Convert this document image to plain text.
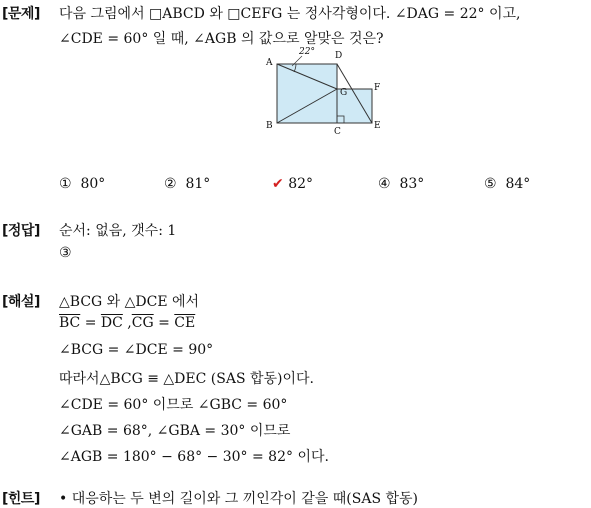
[문제] 다음 그림에서 □ABCD 와 □CEFG 는 정사각형이다. ∠DAG = 22° 이고,
∠CDE = 60° 일 때, ∠AGB 의 값으로 알맞은 것은?
22°
A
B
C
D
E
F
G
① 80°	② 81°	✔ 82°	④ 83°	⑤ 84°
[정답] 순서: 없음, 갯수: 1
③
[해설] △BCG 와 △DCE 에서
$\overline{BC} = \overline{DC}$ $,\overline{CG} = \overline{CE}$
∠BCG = ∠DCE = 90°
따라서△BCG ≡ △DEC (SAS 합동)이다.
∠CDE = 60° 이므로 ∠GBC = 60°
∠GAB = 68°, ∠GBA = 30° 이므로
∠AGB = 180° − 68° − 30° = 82° 이다.
[힌트] • 대응하는 두 변의 길이와 그 끼인각이 같을 때(SAS 합동)
